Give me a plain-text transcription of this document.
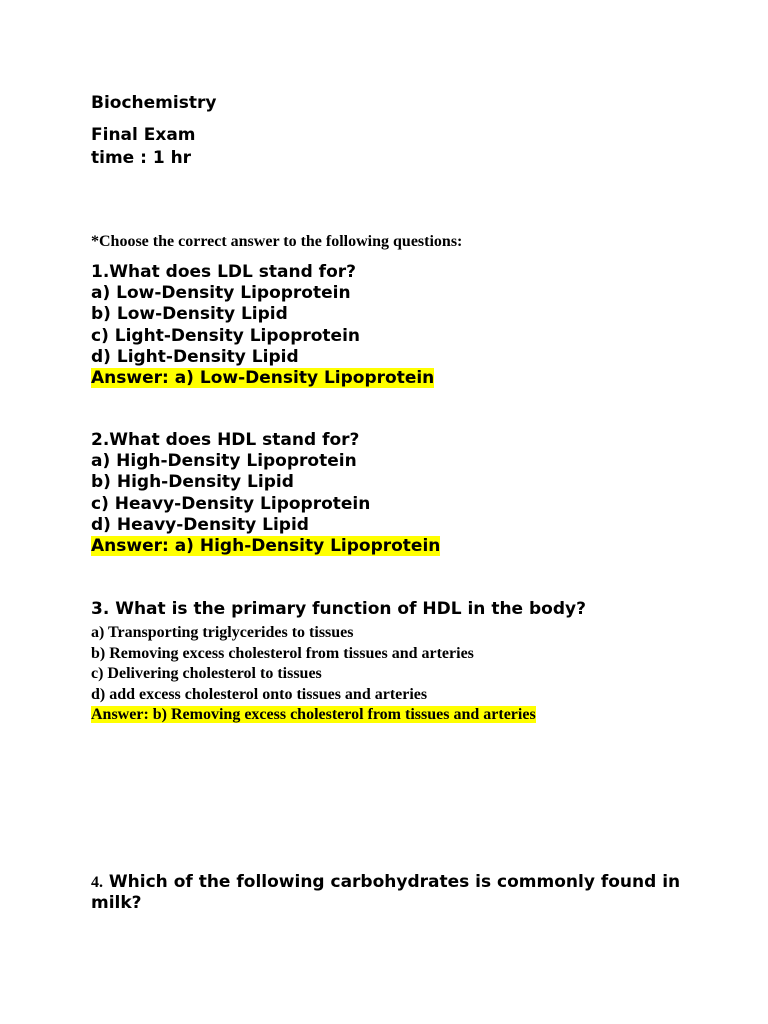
Biochemistry
Final Exam
time : 1 hr
*Choose the correct answer to the following questions:
1.What does LDL stand for?
a) Low-Density Lipoprotein
b) Low-Density Lipid
c) Light-Density Lipoprotein
d) Light-Density Lipid
Answer: a) Low-Density Lipoprotein
2.What does HDL stand for?
a) High-Density Lipoprotein
b) High-Density Lipid
c) Heavy-Density Lipoprotein
d) Heavy-Density Lipid
Answer: a) High-Density Lipoprotein
3. What is the primary function of HDL in the body?
a) Transporting triglycerides to tissues
b) Removing excess cholesterol from tissues and arteries
c) Delivering cholesterol to tissues
d) add excess cholesterol onto tissues and arteries
Answer: b) Removing excess cholesterol from tissues and arteries
4. Which of the following carbohydrates is commonly found in milk?
